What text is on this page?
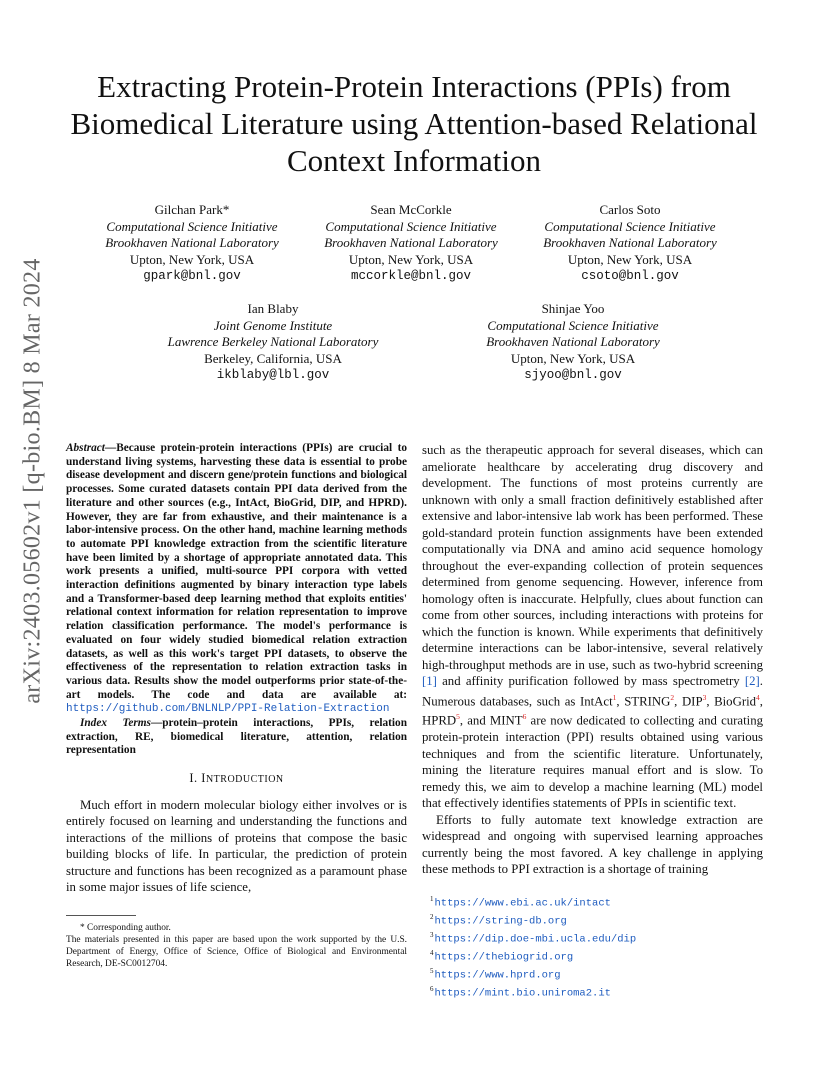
arXiv:2403.05602v1 [q-bio.BM] 8 Mar 2024
Extracting Protein-Protein Interactions (PPIs) from Biomedical Literature using Attention-based Relational Context Information
Gilchan Park*
Computational Science Initiative
Brookhaven National Laboratory
Upton, New York, USA
gpark@bnl.gov
Sean McCorkle
Computational Science Initiative
Brookhaven National Laboratory
Upton, New York, USA
mccorkle@bnl.gov
Carlos Soto
Computational Science Initiative
Brookhaven National Laboratory
Upton, New York, USA
csoto@bnl.gov
Ian Blaby
Joint Genome Institute
Lawrence Berkeley National Laboratory
Berkeley, California, USA
ikblaby@lbl.gov
Shinjae Yoo
Computational Science Initiative
Brookhaven National Laboratory
Upton, New York, USA
sjyoo@bnl.gov

Abstract—Because protein-protein interactions (PPIs) are crucial to understand living systems, harvesting these data is essential to probe disease development and discern gene/protein functions and biological processes. Some curated datasets contain PPI data derived from the literature and other sources (e.g., IntAct, BioGrid, DIP, and HPRD). However, they are far from exhaustive, and their maintenance is a labor-intensive process. On the other hand, machine learning methods to automate PPI knowledge extraction from the scientific literature have been limited by a shortage of appropriate annotated data. This work presents a unified, multi-source PPI corpora with vetted interaction definitions augmented by binary interaction type labels and a Transformer-based deep learning method that exploits entities' relational context information for relation representation to improve relation classification performance. The model's performance is evaluated on four widely studied biomedical relation extraction datasets, as well as this work's target PPI datasets, to observe the effectiveness of the representation to relation extraction tasks in various data. Results show the model outperforms prior state-of-the-art models. The code and data are available at: https://github.com/BNLNLP/PPI-Relation-Extraction

Index Terms—protein–protein interactions, PPIs, relation extraction, RE, biomedical literature, attention, relation representation

I. INTRODUCTION

Much effort in modern molecular biology either involves or is entirely focused on learning and understanding the functions and interactions of the millions of proteins that compose the basic building blocks of life. In particular, the prediction of protein structure and functions has been recognized as a paramount phase in some major issues of life science,

* Corresponding author.

The materials presented in this paper are based upon the work supported by the U.S. Department of Energy, Office of Science, Office of Biological and Environmental Research, DE-SC0012704.

such as the therapeutic approach for several diseases, which can ameliorate healthcare by accelerating drug discovery and development. The functions of most proteins currently are unknown with only a small fraction definitively established after extensive and labor-intensive lab work has been performed. These gold-standard protein function assignments have been extended computationally via DNA and amino acid sequence homology throughout the ever-expanding collection of protein sequences determined from genome sequencing. However, inference from homology often is inaccurate. Helpfully, clues about function can come from other sources, including interactions with proteins for which the function is known. While experiments that definitively determine interactions can be labor-intensive, several relatively high-throughput methods are in use, such as two-hybrid screening [1] and affinity purification followed by mass spectrometry [2]. Numerous databases, such as IntAct$^1$, STRING$^2$, DIP$^3$, BioGrid$^4$, HPRD$^5$, and MINT$^6$ are now dedicated to collecting and curating protein-protein interaction (PPI) results obtained using various techniques and from the scientific literature. Unfortunately, mining the literature requires manual effort and is slow. To remedy this, we aim to develop a machine learning (ML) model that effectively identifies statements of PPIs in scientific text.

Efforts to fully automate text knowledge extraction are widespread and ongoing with supervised learning approaches currently being the most favored. A key challenge in applying these methods to PPI extraction is a shortage of training

$^1$https://www.ebi.ac.uk/intact
$^2$https://string-db.org
$^3$https://dip.doe-mbi.ucla.edu/dip
$^4$https://thebiogrid.org
$^5$https://www.hprd.org
$^6$https://mint.bio.uniroma2.it
